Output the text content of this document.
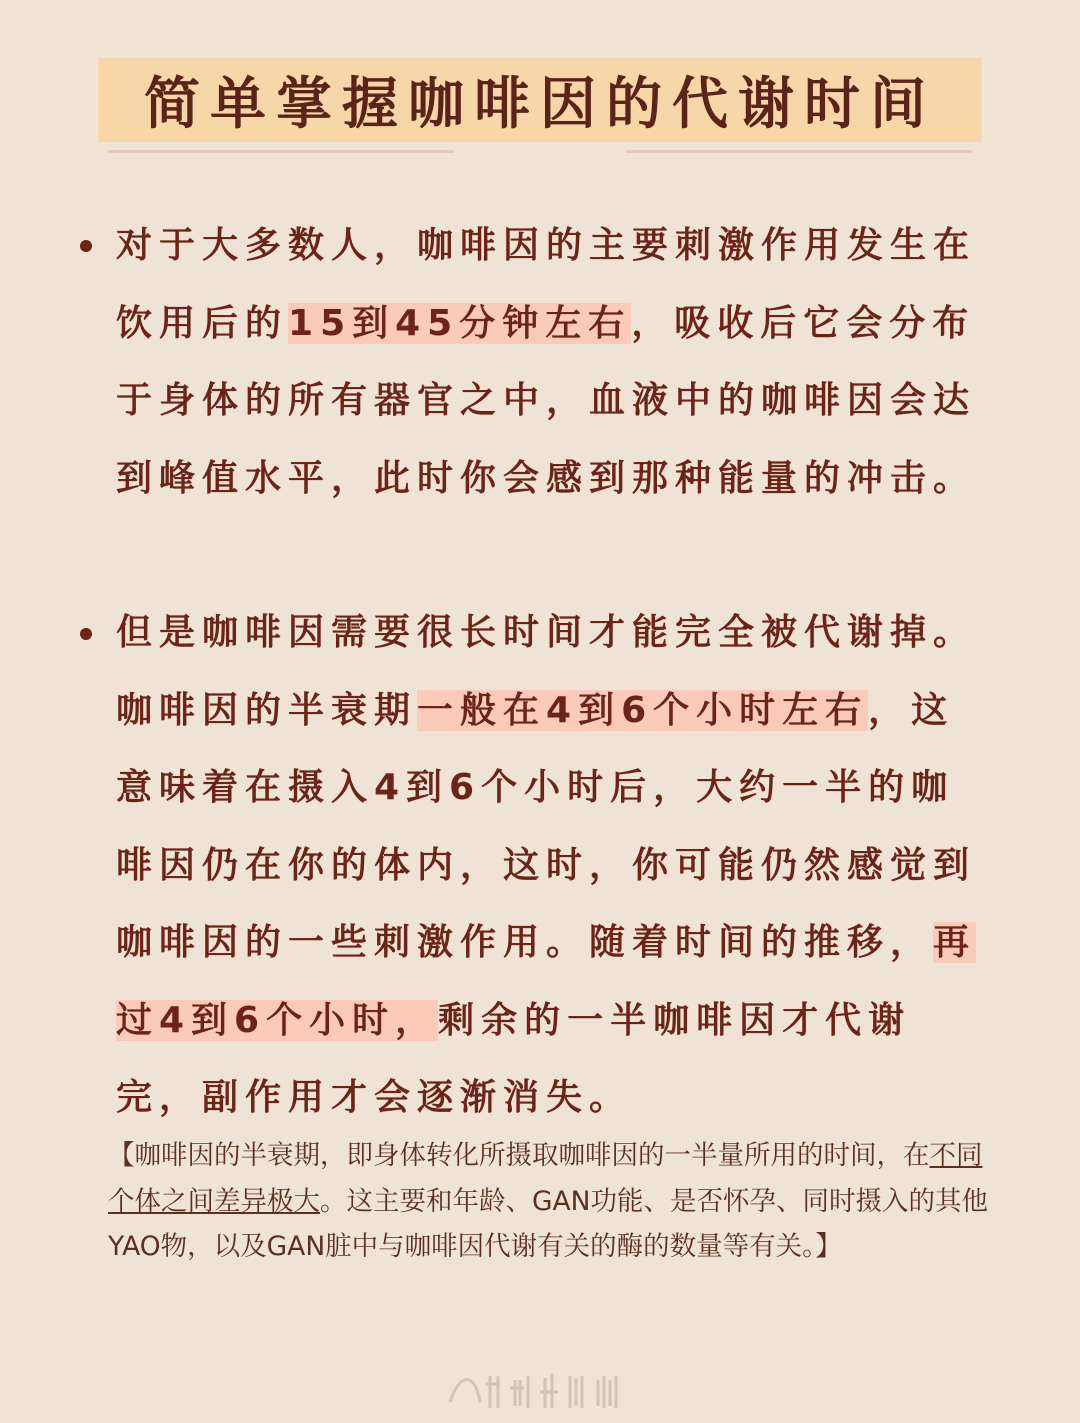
简单掌握咖啡因的代谢时间
对于大多数人，咖啡因的主要刺激作用发生在饮用后的15到45分钟左右，吸收后它会分布于身体的所有器官之中，血液中的咖啡因会达到峰值水平，此时你会感到那种能量的冲击。
但是咖啡因需要很长时间才能完全被代谢掉。咖啡因的半衰期一般在4到6个小时左右，这意味着在摄入4到6个小时后，大约一半的咖啡因仍在你的体内，这时，你可能仍然感觉到咖啡因的一些刺激作用。随着时间的推移，再过4到6个小时，剩余的一半咖啡因才代谢完，副作用才会逐渐消失。
【咖啡因的半衰期，即身体转化所摄取咖啡因的一半量所用的时间，在不同个体之间差异极大。这主要和年龄、GAN功能、是否怀孕、同时摄入的其他YAO物，以及GAN脏中与咖啡因代谢有关的酶的数量等有关。】
